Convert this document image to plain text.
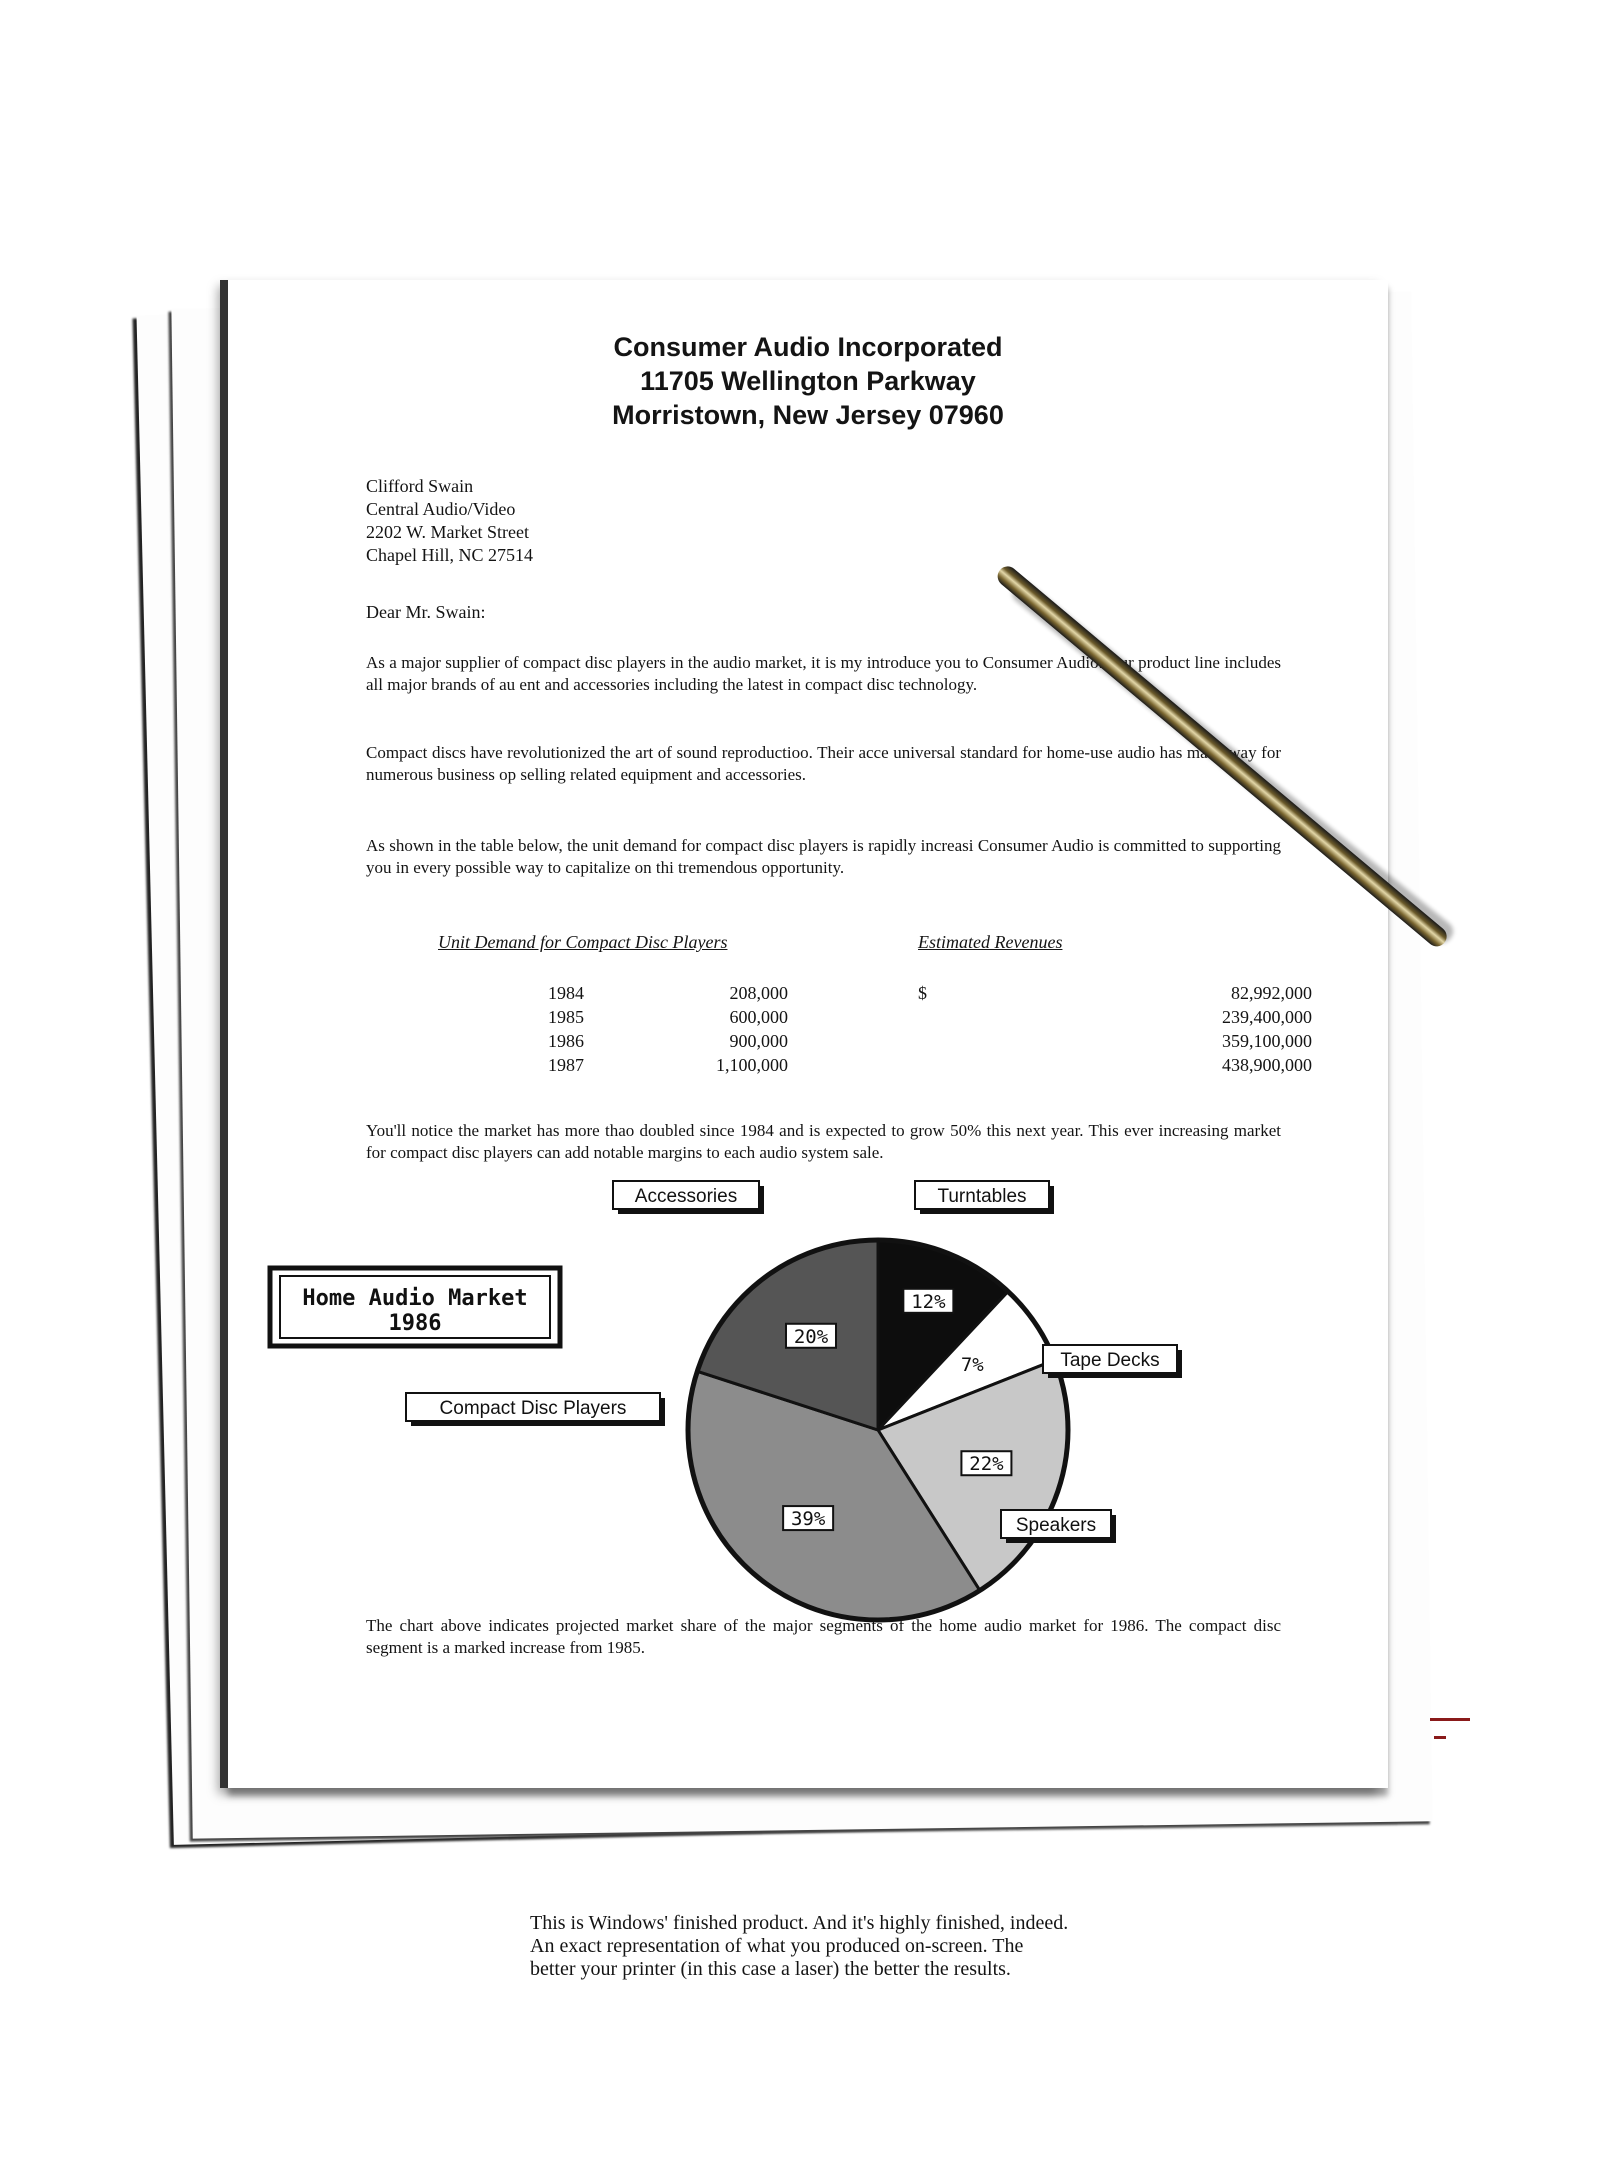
Consumer Audio Incorporated
11705 Wellington Parkway
Morristown, New Jersey 07960
Clifford Swain
Central Audio/Video
2202 W. Market Street
Chapel Hill, NC 27514
Dear Mr. Swain:
As a major supplier of compact disc players in the audio market, it is my introduce you to Consumer Audio. Our product line includes all major brands of au ent and accessories including the latest in compact disc technology.
Compact discs have revolutionized the art of sound reproductioo. Their acce universal standard for home-use audio has made way for numerous business op selling related equipment and accessories.
As shown in the table below, the unit demand for compact disc players is rapidly increasi Consumer Audio is committed to supporting you in every possible way to capitalize on thi tremendous opportunity.
Unit Demand for Compact Disc Players	Estimated Revenues
1984	208,000	$	82,992,000
1985	600,000	239,400,000
1986	900,000	359,100,000
1987	1,100,000	438,900,000
You'll notice the market has more thao doubled since 1984 and is expected to grow 50% this next year. This ever increasing market for compact disc players can add notable margins to each audio system sale.
12%
7%
22%
39%
20%
Accessories	Turntables
Tape Decks
Speakers
Compact Disc Players
Home Audio Market
1986
The chart above indicates projected market share of the major segments of the home audio market for 1986. The compact disc segment is a marked increase from 1985.
This is Windows' finished product. And it's highly finished, indeed.
An exact representation of what you produced on-screen. The
better your printer (in this case a laser) the better the results.
